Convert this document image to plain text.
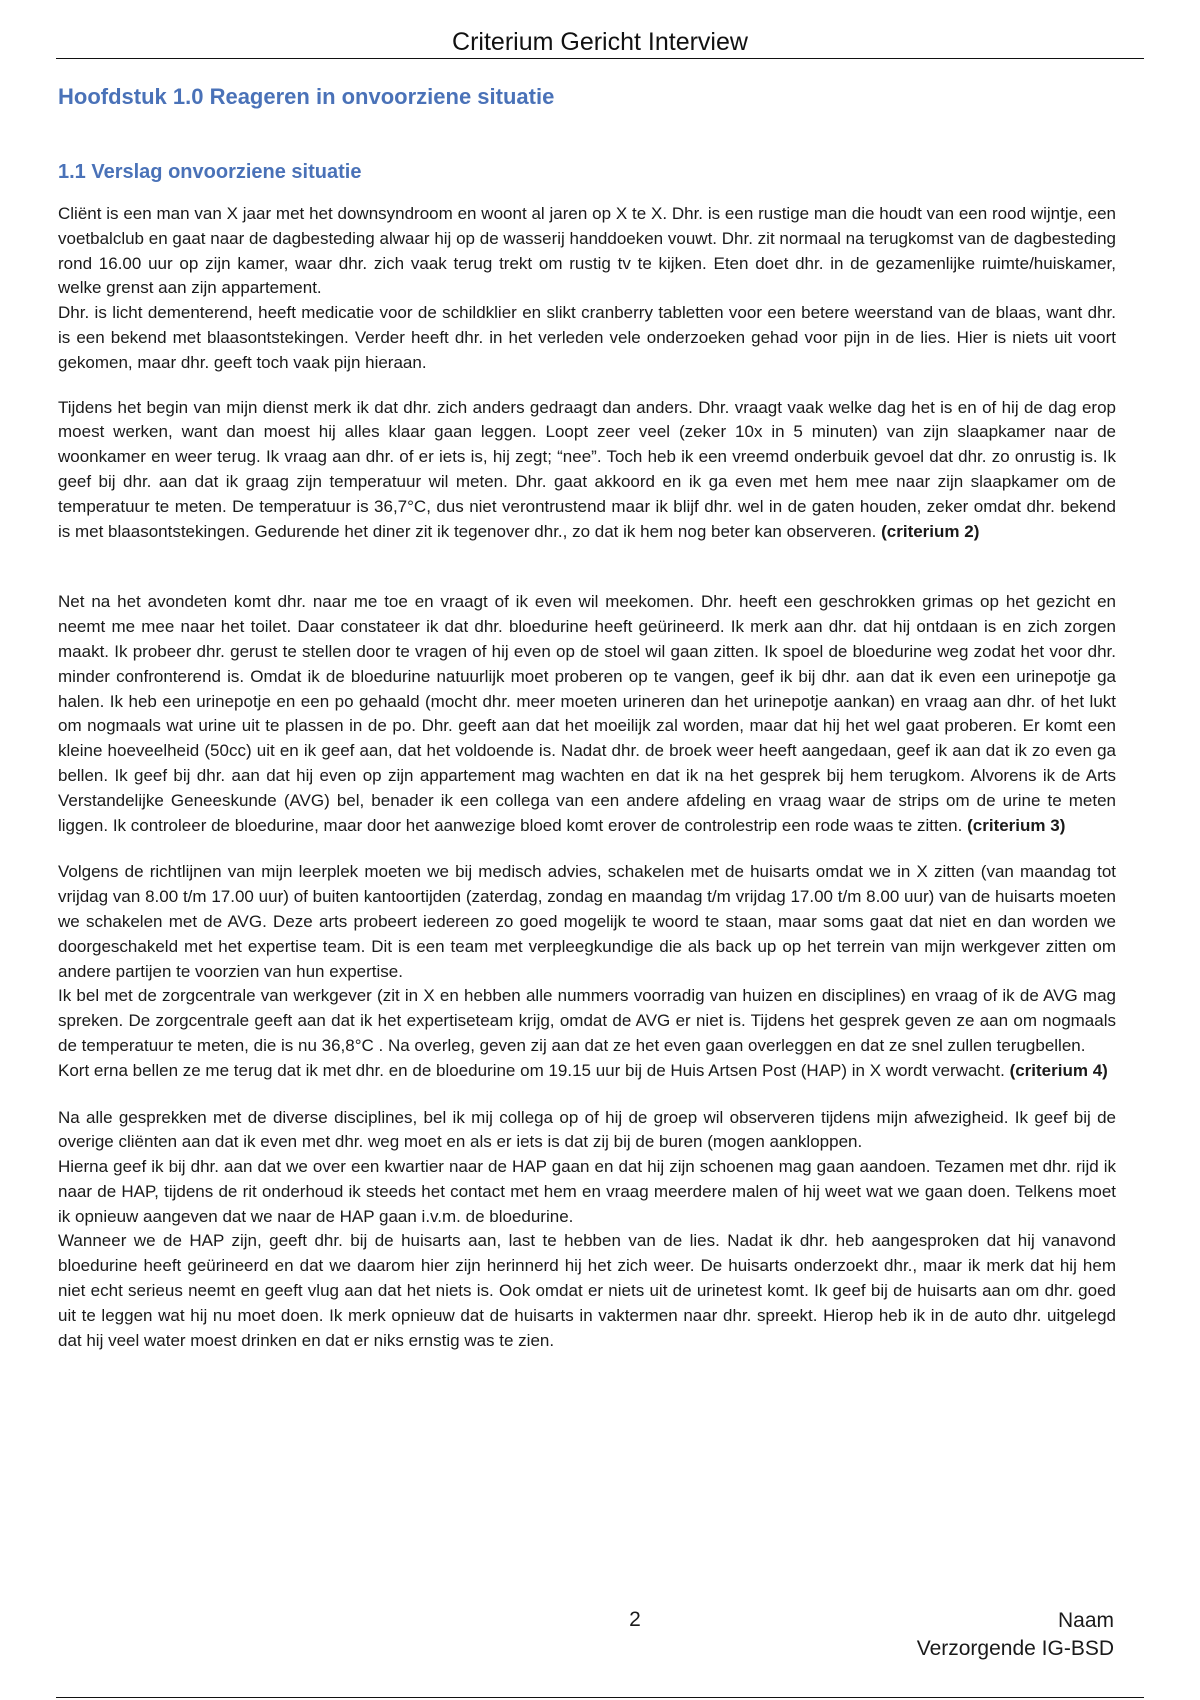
Criterium Gericht Interview
Hoofdstuk 1.0 Reageren in onvoorziene situatie
1.1 Verslag onvoorziene situatie

Cliënt is een man van X jaar met het downsyndroom en woont al jaren op X te X. Dhr. is een rustige man die houdt van een rood wijntje, een voetbalclub en gaat naar de dagbesteding alwaar hij op de wasserij handdoeken vouwt. Dhr. zit normaal na terugkomst van de dagbesteding rond 16.00 uur op zijn kamer, waar dhr. zich vaak terug trekt om rustig tv te kijken. Eten doet dhr. in de gezamenlijke ruimte/huiskamer, welke grenst aan zijn appartement.

Dhr. is licht dementerend, heeft medicatie voor de schildklier en slikt cranberry tabletten voor een betere weerstand van de blaas, want dhr. is een bekend met blaasontstekingen. Verder heeft dhr. in het verleden vele onderzoeken gehad voor pijn in de lies. Hier is niets uit voort gekomen, maar dhr. geeft toch vaak pijn hieraan.

Tijdens het begin van mijn dienst merk ik dat dhr. zich anders gedraagt dan anders. Dhr. vraagt vaak welke dag het is en of hij de dag erop moest werken, want dan moest hij alles klaar gaan leggen. Loopt zeer veel (zeker 10x in 5 minuten) van zijn slaapkamer naar de woonkamer en weer terug. Ik vraag aan dhr. of er iets is, hij zegt; “nee”. Toch heb ik een vreemd onderbuik gevoel dat dhr. zo onrustig is. Ik geef bij dhr. aan dat ik graag zijn temperatuur wil meten. Dhr. gaat akkoord en ik ga even met hem mee naar zijn slaapkamer om de temperatuur te meten. De temperatuur is 36,7°C, dus niet verontrustend maar ik blijf dhr. wel in de gaten houden, zeker omdat dhr. bekend is met blaasontstekingen. Gedurende het diner zit ik tegenover dhr., zo dat ik hem nog beter kan observeren. (criterium 2)

Net na het avondeten komt dhr. naar me toe en vraagt of ik even wil meekomen. Dhr. heeft een geschrokken grimas op het gezicht en neemt me mee naar het toilet. Daar constateer ik dat dhr. bloedurine heeft geürineerd. Ik merk aan dhr. dat hij ontdaan is en zich zorgen maakt. Ik probeer dhr. gerust te stellen door te vragen of hij even op de stoel wil gaan zitten. Ik spoel de bloedurine weg zodat het voor dhr. minder confronterend is. Omdat ik de bloedurine natuurlijk moet proberen op te vangen, geef ik bij dhr. aan dat ik even een urinepotje ga halen. Ik heb een urinepotje en een po gehaald (mocht dhr. meer moeten urineren dan het urinepotje aankan) en vraag aan dhr. of het lukt om nogmaals wat urine uit te plassen in de po. Dhr. geeft aan dat het moeilijk zal worden, maar dat hij het wel gaat proberen. Er komt een kleine hoeveelheid (50cc) uit en ik geef aan, dat het voldoende is. Nadat dhr. de broek weer heeft aangedaan, geef ik aan dat ik zo even ga bellen. Ik geef bij dhr. aan dat hij even op zijn appartement mag wachten en dat ik na het gesprek bij hem terugkom. Alvorens ik de Arts Verstandelijke Geneeskunde (AVG) bel, benader ik een collega van een andere afdeling en vraag waar de strips om de urine te meten liggen. Ik controleer de bloedurine, maar door het aanwezige bloed komt erover de controlestrip een rode waas te zitten. (criterium 3)

Volgens de richtlijnen van mijn leerplek moeten we bij medisch advies, schakelen met de huisarts omdat we in X zitten (van maandag tot vrijdag van 8.00 t/m 17.00 uur) of buiten kantoortijden (zaterdag, zondag en maandag t/m vrijdag 17.00 t/m 8.00 uur) van de huisarts moeten we schakelen met de AVG. Deze arts probeert iedereen zo goed mogelijk te woord te staan, maar soms gaat dat niet en dan worden we doorgeschakeld met het expertise team. Dit is een team met verpleegkundige die als back up op het terrein van mijn werkgever zitten om andere partijen te voorzien van hun expertise.

Ik bel met de zorgcentrale van werkgever (zit in X en hebben alle nummers voorradig van huizen en disciplines) en vraag of ik de AVG mag spreken. De zorgcentrale geeft aan dat ik het expertiseteam krijg, omdat de AVG er niet is. Tijdens het gesprek geven ze aan om nogmaals de temperatuur te meten, die is nu 36,8°C . Na overleg, geven zij aan dat ze het even gaan overleggen en dat ze snel zullen terugbellen.

Kort erna bellen ze me terug dat ik met dhr. en de bloedurine om 19.15 uur bij de Huis Artsen Post (HAP) in X wordt verwacht. (criterium 4)

Na alle gesprekken met de diverse disciplines, bel ik mij collega op of hij de groep wil observeren tijdens mijn afwezigheid. Ik geef bij de overige cliënten aan dat ik even met dhr. weg moet en als er iets is dat zij bij de buren (mogen aankloppen.

Hierna geef ik bij dhr. aan dat we over een kwartier naar de HAP gaan en dat hij zijn schoenen mag gaan aandoen. Tezamen met dhr. rijd ik naar de HAP, tijdens de rit onderhoud ik steeds het contact met hem en vraag meerdere malen of hij weet wat we gaan doen. Telkens moet ik opnieuw aangeven dat we naar de HAP gaan i.v.m. de bloedurine.

Wanneer we de HAP zijn, geeft dhr. bij de huisarts aan, last te hebben van de lies. Nadat ik dhr. heb aangesproken dat hij vanavond bloedurine heeft geürineerd en dat we daarom hier zijn herinnerd hij het zich weer. De huisarts onderzoekt dhr., maar ik merk dat hij hem niet echt serieus neemt en geeft vlug aan dat het niets is. Ook omdat er niets uit de urinetest komt. Ik geef bij de huisarts aan om dhr. goed uit te leggen wat hij nu moet doen. Ik merk opnieuw dat de huisarts in vaktermen naar dhr. spreekt. Hierop heb ik in de auto dhr. uitgelegd dat hij veel water moest drinken en dat er niks ernstig was te zien.

2	Naam
Verzorgende IG-BSD
